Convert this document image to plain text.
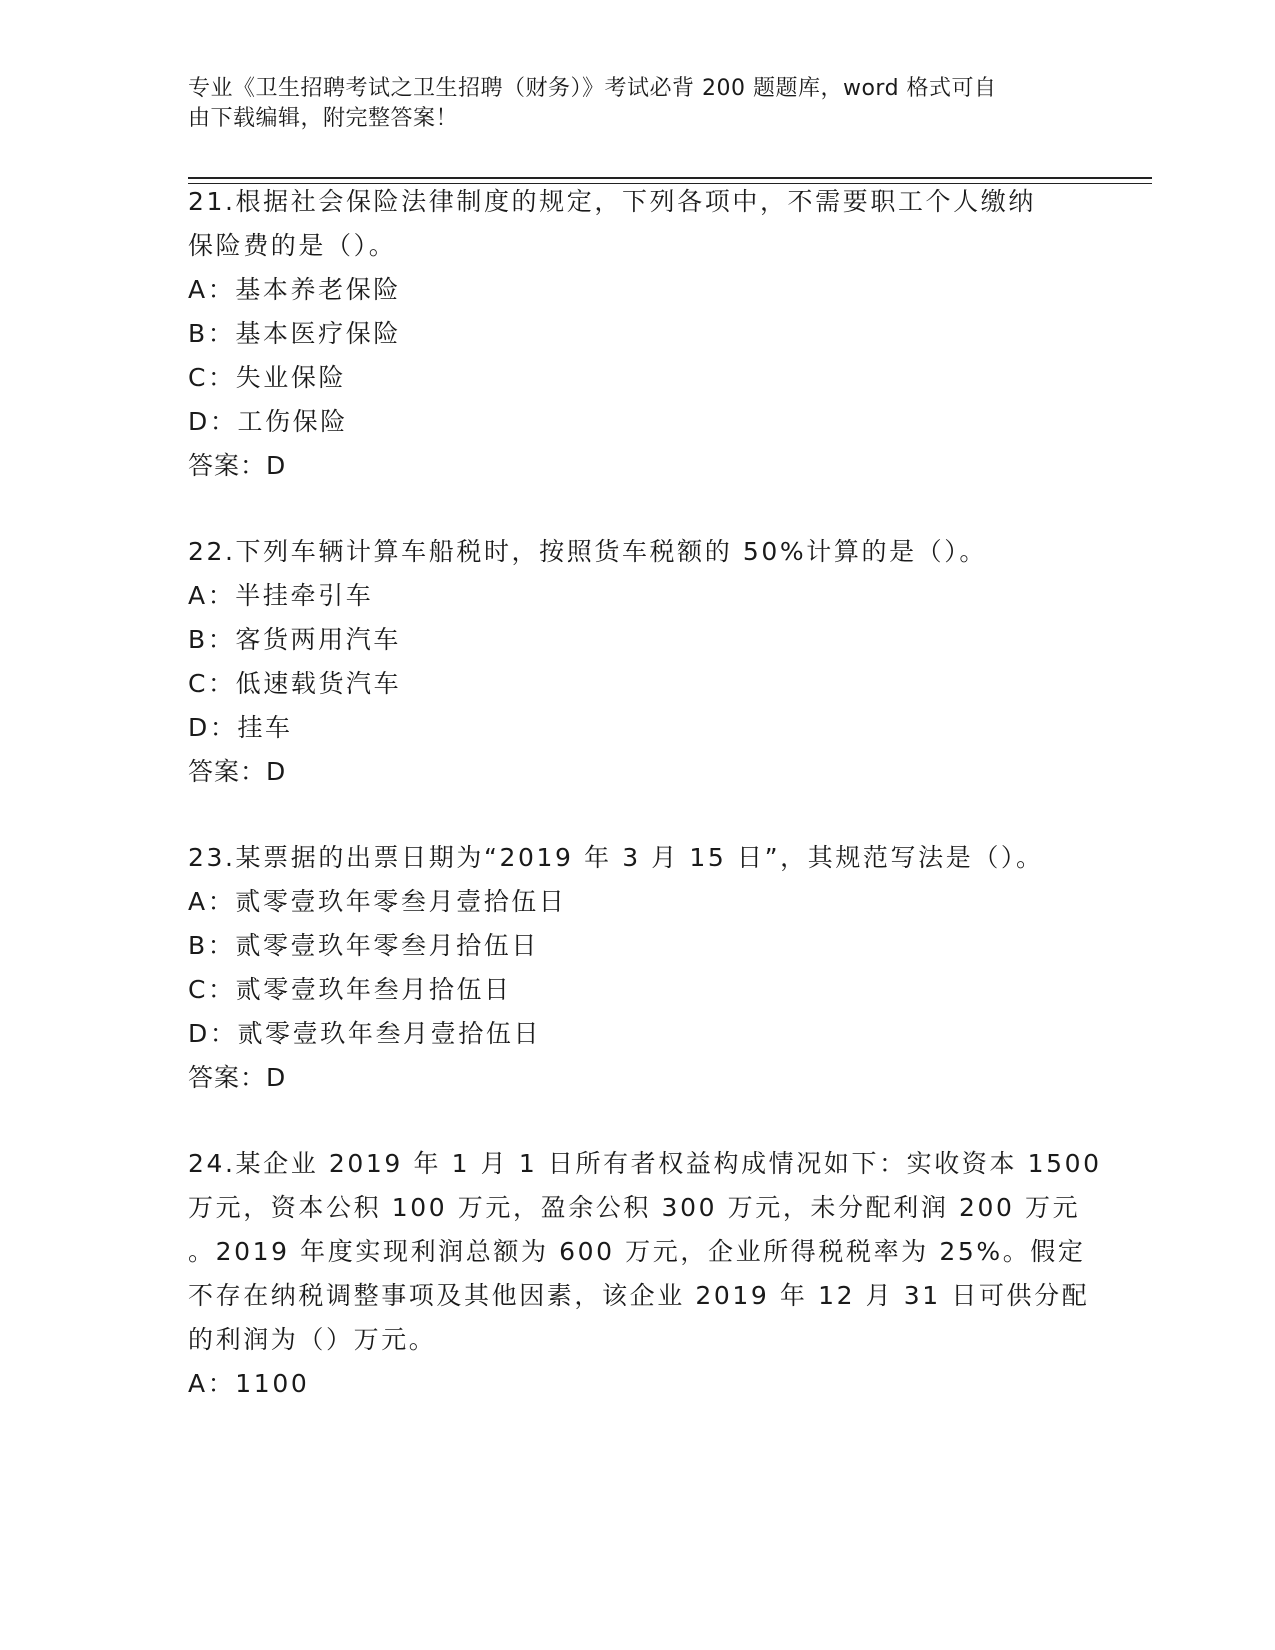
专业《卫生招聘考试之卫生招聘（财务）》考试必背 200 题题库，word 格式可自
由下载编辑，附完整答案！
21.根据社会保险法律制度的规定，下列各项中，不需要职工个人缴纳
保险费的是（）。
A：基本养老保险
B：基本医疗保险
C：失业保险
D：工伤保险
答案：D
22.下列车辆计算车船税时，按照货车税额的 50%计算的是（）。
A：半挂牵引车
B：客货两用汽车
C：低速载货汽车
D：挂车
答案：D
23.某票据的出票日期为“2019 年 3 月 15 日”，其规范写法是（）。
A：贰零壹玖年零叁月壹拾伍日
B：贰零壹玖年零叁月拾伍日
C：贰零壹玖年叁月拾伍日
D：贰零壹玖年叁月壹拾伍日
答案：D
24.某企业 2019 年 1 月 1 日所有者权益构成情况如下：实收资本 1500
万元，资本公积 100 万元，盈余公积 300 万元，未分配利润 200 万元
。2019 年度实现利润总额为 600 万元，企业所得税税率为 25%。假定
不存在纳税调整事项及其他因素，该企业 2019 年 12 月 31 日可供分配
的利润为（）万元。
A：1100
